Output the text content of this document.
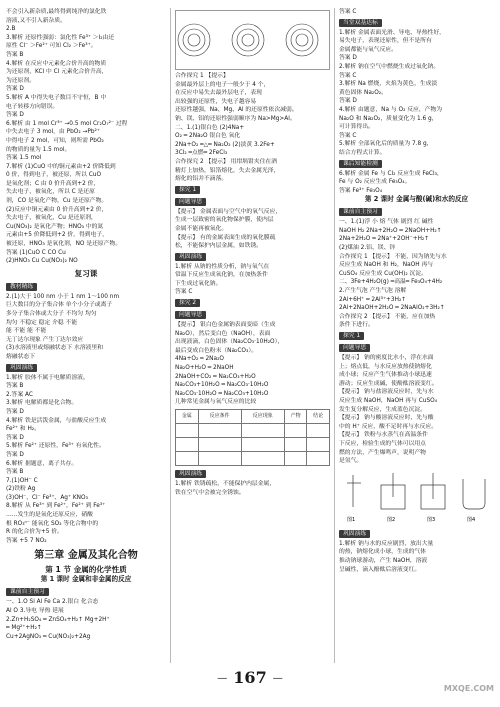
不会引入新杂质,最终得到纯净的氯化铁
溶液,又不引入新杂质。
2.B
3.解析 还原性强弱：氯化性 Fe³⁺ ＞I₂由还
原性 Cl⁻ ＞Fe²⁺ 可知 Cl₂ ＞Fe³⁺。
答案 B
4.解析 在反应中元素化合价升高的物质
为还原剂，KCl 中 Cl 元素化合价升高，
为还原剂。
答案 D
5.解析 A 中得失电子数目不守恒，B 中
电子转移方向错误。
答案 D
6.解析 由 1 mol Cr³⁺ →0.5 mol Cr₂O₇²⁻ 过程
中失去电子 3 mol，由 PbO₂ →Pb²⁺
中得电子 2 mol，可知，则所需 PbO₂
的物质的量为 1.5 mol。
答案 1.5 mol
7.解析 (1)CuO 中的铜元素由+2 价降低到
0 价，得到电子，被还原，所以 CuO
是氧化剂；C 由 0 价升高到+2 价，
失去电子，被氧化，所以 C 是还原
剂，CO 是氧化产物，Cu 是还原产物。
(2)反应中铜元素由 0 价升高到+2 价，
失去电子，被氧化，Cu 是还原剂，
Cu(NO₃)₂ 是氧化产物；HNO₃ 中的氮
元素由+5 价降低到+2 价，得到电子，
被还原，HNO₃ 是氧化剂，NO 是还原产物。
答案 (1)CuO C CO Cu
(2)HNO₃ Cu Cu(NO₃)₂ NO
复习课
教材精练
2.(1)大于 100 nm 小于 1 nm 1～100 nm
巨大数目的分子集合体 单个小分子或离子
多分子集合体或大分子 不均匀 均匀
均匀 不稳定 稳定 介稳 不能
能 不能 能 不能
无丁达尔现象 产生丁达尔效应
(3)水溶液里或熔融状态下 水溶液里和
熔融状态下
巩固演练
1.解析 胶体不属于电解质溶液。
答案 B
2.答案 AC
3.解析 电解质都是化合物。
答案 D
4.解析 铁是活泼金属，与盐酸反应生成
Fe²⁺ 和 H₂。
答案 D
5.解析 Fe²⁺ 还原性，Fe³⁺ 有氧化性。
答案 D
6.解析 据题意，离子共存。
答案 B
7.(1)OH⁻ C
(2)铁粉 Ag
(3)OH⁻、Cl⁻ Fe³⁺、Ag⁺ KNO₃
8.解析 从 Fe³⁺ 到 Fe²⁺，Fe²⁺ 到 Fe³⁺
……发生的是氧化还原反应，硝酸
根 RO₃ⁿ⁻ 能氧化 SO₂ 等化合物中的
R 的化合价为+5 价。
答案 +5 7 NO₂
第三章 金属及其化合物
第 1 节 金属的化学性质
第 1 课时 金属和非金属的反应
课前自主预习
一、1.O Si Al Fe Ca 2.银白 化合态
Al O 3.导电 导热 延展
2.Zn+H₂SO₄ ═ ZnSO₄+H₂↑ Mg+2H⁺
═ Mg²⁺+H₂↑
Cu+2AgNO₃ ═ Cu(NO₃)₂+2Ag
合作探究 1 【提示】
金属最外层上的电子一般少于 4 个，
在反应中易失去最外层电子，表现
出较强的还原性，失电子越容易
还原性越强，Na、Mg、Al 的还原性依次减弱。
钠、镁、铝的还原性强弱顺序为 Na>Mg>Al。
二、1.(1)银白色 (2)4Na+
O₂ ═ 2Na₂O 银白色 氧化
2Na+O₂ ═△═ Na₂O₂ (2)淡黄 3.2Fe+
3Cl₂ ═点燃═ 2FeCl₃
合作探究 2 【提示】 用坩埚钳夹住在酒
精灯上加热，铝箔熔化，失去金属光泽，
熔化的铝并不滴落。
探究 1
问题导思
【提示】 金属表面与空气中的氧气反应，
生成一层致密的氧化物保护膜，使内层
金属不能再被氧化。
【提示】 有的金属表面生成的氧化膜疏
松，不能保护内层金属，如铁锈。
巩固演练
1.解析 从钠的性质分析，钠与氧气在
常温下反应生成氧化钠，在加热条件
下生成过氧化钠。
答案 C
探究 2
问题导思
【提示】 银白色金属钠表面变暗（生成
Na₂O），然后变白色（NaOH），表面
出现液滴，白色固体（Na₂CO₃·10H₂O），
最后变成白色粉末（Na₂CO₃）。
4Na+O₂ ═ 2Na₂O
Na₂O+H₂O ═ 2NaOH
2NaOH+CO₂ ═ Na₂CO₃+H₂O
Na₂CO₃+10H₂O ═ Na₂CO₃·10H₂O
Na₂CO₃·10H₂O ═ Na₂CO₃+10H₂O
几种常见金属与氧气反应的比较
金属	反应条件	反应现象	产物	结论

巩固演练
1.解析 铁锈疏松，不能保护内层金属，
铁在空气中会被完全锈蚀。
答案 C
当堂双基达标
1.解析 金属表面光滑、导电、导热性好，
易失电子，表现还原性，但不是所有
金属都能与氧气反应。
答案 D
2.解析 钠在空气中燃烧生成过氧化钠。
答案 C
3.解析 Na 燃烧，火焰为黄色，生成淡
黄色固体 Na₂O₂。
答案 D
4.解析 由题意，Na 与 O₂ 反应，产物为
Na₂O 和 Na₂O₂，质量变化为 1.6 g，
可计算得出。
答案 C
5.解析 全部氧化后的质量为 7.8 g，
结合方程式计算。
课后知能检测
6.解析 金属 Fe 与 Cl₂ 反应生成 FeCl₃，
Fe 与 O₂ 反应生成 Fe₃O₄。
答案 Fe³⁺ Fe₃O₄
第 2 课时 金属与酸(碱)和水的反应
课前自主预习
一、1.(1)浮 小 熔 气体 剧烈 红 碱性
NaOH H₂ 2Na+2H₂O ═ 2NaOH+H₂↑
2Na+2H₂O ═ 2Na⁺+2OH⁻+H₂↑
(2)煤油 2.铝、镁、锌
合作探究 1 【提示】 不能，因为钠先与水
反应生成 NaOH 和 H₂，NaOH 再与
CuSO₄ 反应生成 Cu(OH)₂ 沉淀。
二、3Fe+4H₂O(g) ═高温═ Fe₃O₄+4H₂
2.产生气泡 产生气泡 溶解
2Al+6H⁺ ═ 2Al³⁺+3H₂↑
2Al+2NaOH+2H₂O ═ 2NaAlO₂+3H₂↑
合作探究 2 【提示】 不能，应在加热
条件下进行。
探究 1
问题导思
【提示】 钠的密度比水小，浮在水面
上；熔点低，与水反应放热使钠熔化
成小球；反应产生气体推动小球迅速
游动；反应生成碱，使酚酞溶液变红。
【提示】 钠与盐溶液反应时，先与水
反应生成 NaOH，NaOH 再与 CuSO₄
发生复分解反应，生成蓝色沉淀。
【提示】 钠与酸溶液反应时，先与酸
中的 H⁺ 反应，酸不足时再与水反应。
【提示】 铁粉与水蒸气在高温条件
下反应，检验生成的气体可以用点
燃的方法，产生爆鸣声，说明产物
是氢气。
图1	图2	图3	图4
巩固演练
1.解析 钠与水的反应剧烈，放出大量
的热，钠熔化成小球，生成的气体
推动钠球游动，产生 NaOH，溶液
呈碱性，滴入酚酞后溶液变红。
— 167 —
MXQE.COM
